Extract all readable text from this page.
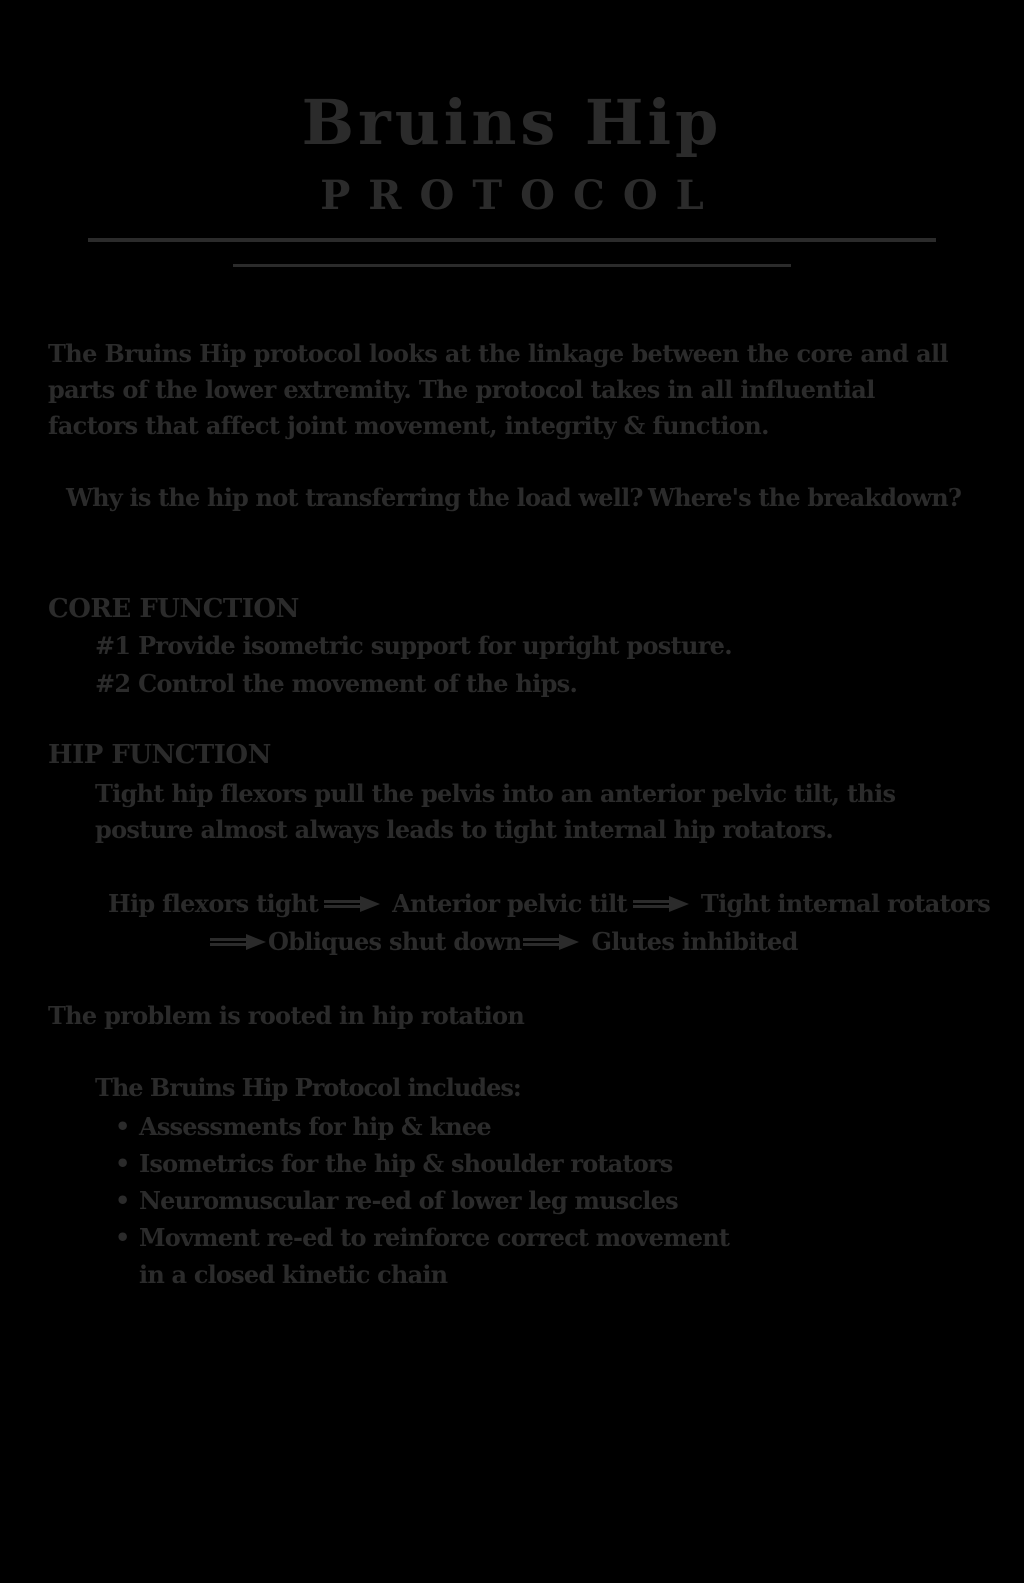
Bruins Hip
PROTOCOL

The Bruins Hip protocol looks at the linkage between the core and all parts of the lower extremity. The protocol takes in all influential factors that affect joint movement, integrity & function.

Why is the hip not transferring the load well? Where's the breakdown?
CORE FUNCTION
#1 Provide isometric support for upright posture.
#2 Control the movement of the hips.
HIP FUNCTION

Tight hip flexors pull the pelvis into an anterior pelvic tilt, this posture almost always leads to tight internal hip rotators.

Hip flexors tight	Anterior pelvic tilt	Tight internal rotators
Obliques shut down	Glutes inhibited
The problem is rooted in hip rotation
The Bruins Hip Protocol includes:
• Assessments for hip & knee
• Isometrics for the hip & shoulder rotators
• Neuromuscular re-ed of lower leg muscles
• Movment re-ed to reinforce correct movement in a closed kinetic chain
